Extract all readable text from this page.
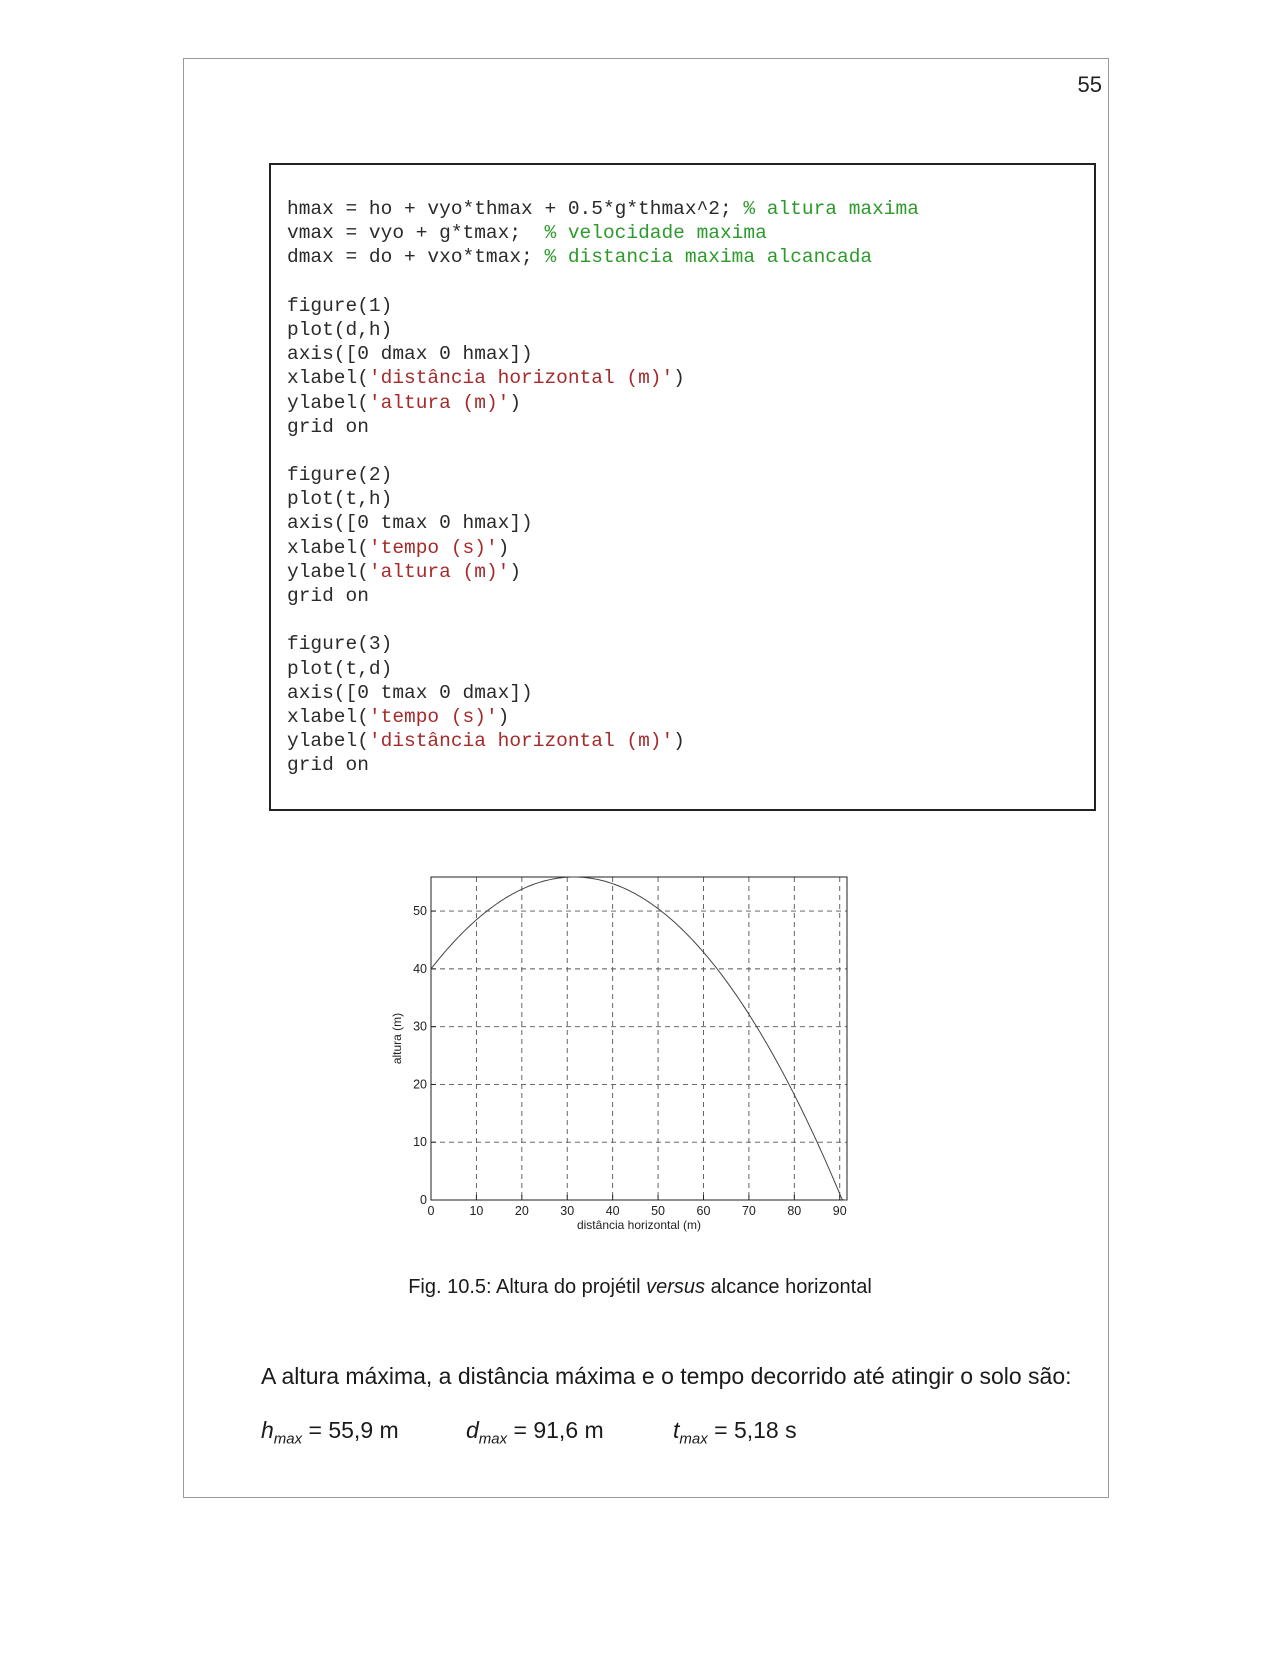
55
hmax = ho + vyo*thmax + 0.5*g*thmax^2; % altura maxima
vmax = vyo + g*tmax;  % velocidade maxima
dmax = do + vxo*tmax; % distancia maxima alcancada
figure(1)
plot(d,h)
axis([0 dmax 0 hmax])
xlabel('distância horizontal (m)')
ylabel('altura (m)')
grid on
figure(2)
plot(t,h)
axis([0 tmax 0 hmax])
xlabel('tempo (s)')
ylabel('altura (m)')
grid on
figure(3)
plot(t,d)
axis([0 tmax 0 dmax])
xlabel('tempo (s)')
ylabel('distância horizontal (m)')
grid on
0	10	20	30	40	50	60	70	80	90
0
10
20
30
40
50
distância horizontal (m)
altura (m)
Fig. 10.5: Altura do projétil versus alcance horizontal
A altura máxima, a distância máxima e o tempo decorrido até atingir o solo são:
$h_{max} = 55,9$ m	$d_{max} = 91,6$ m	$t_{max} = 5,18$ s
